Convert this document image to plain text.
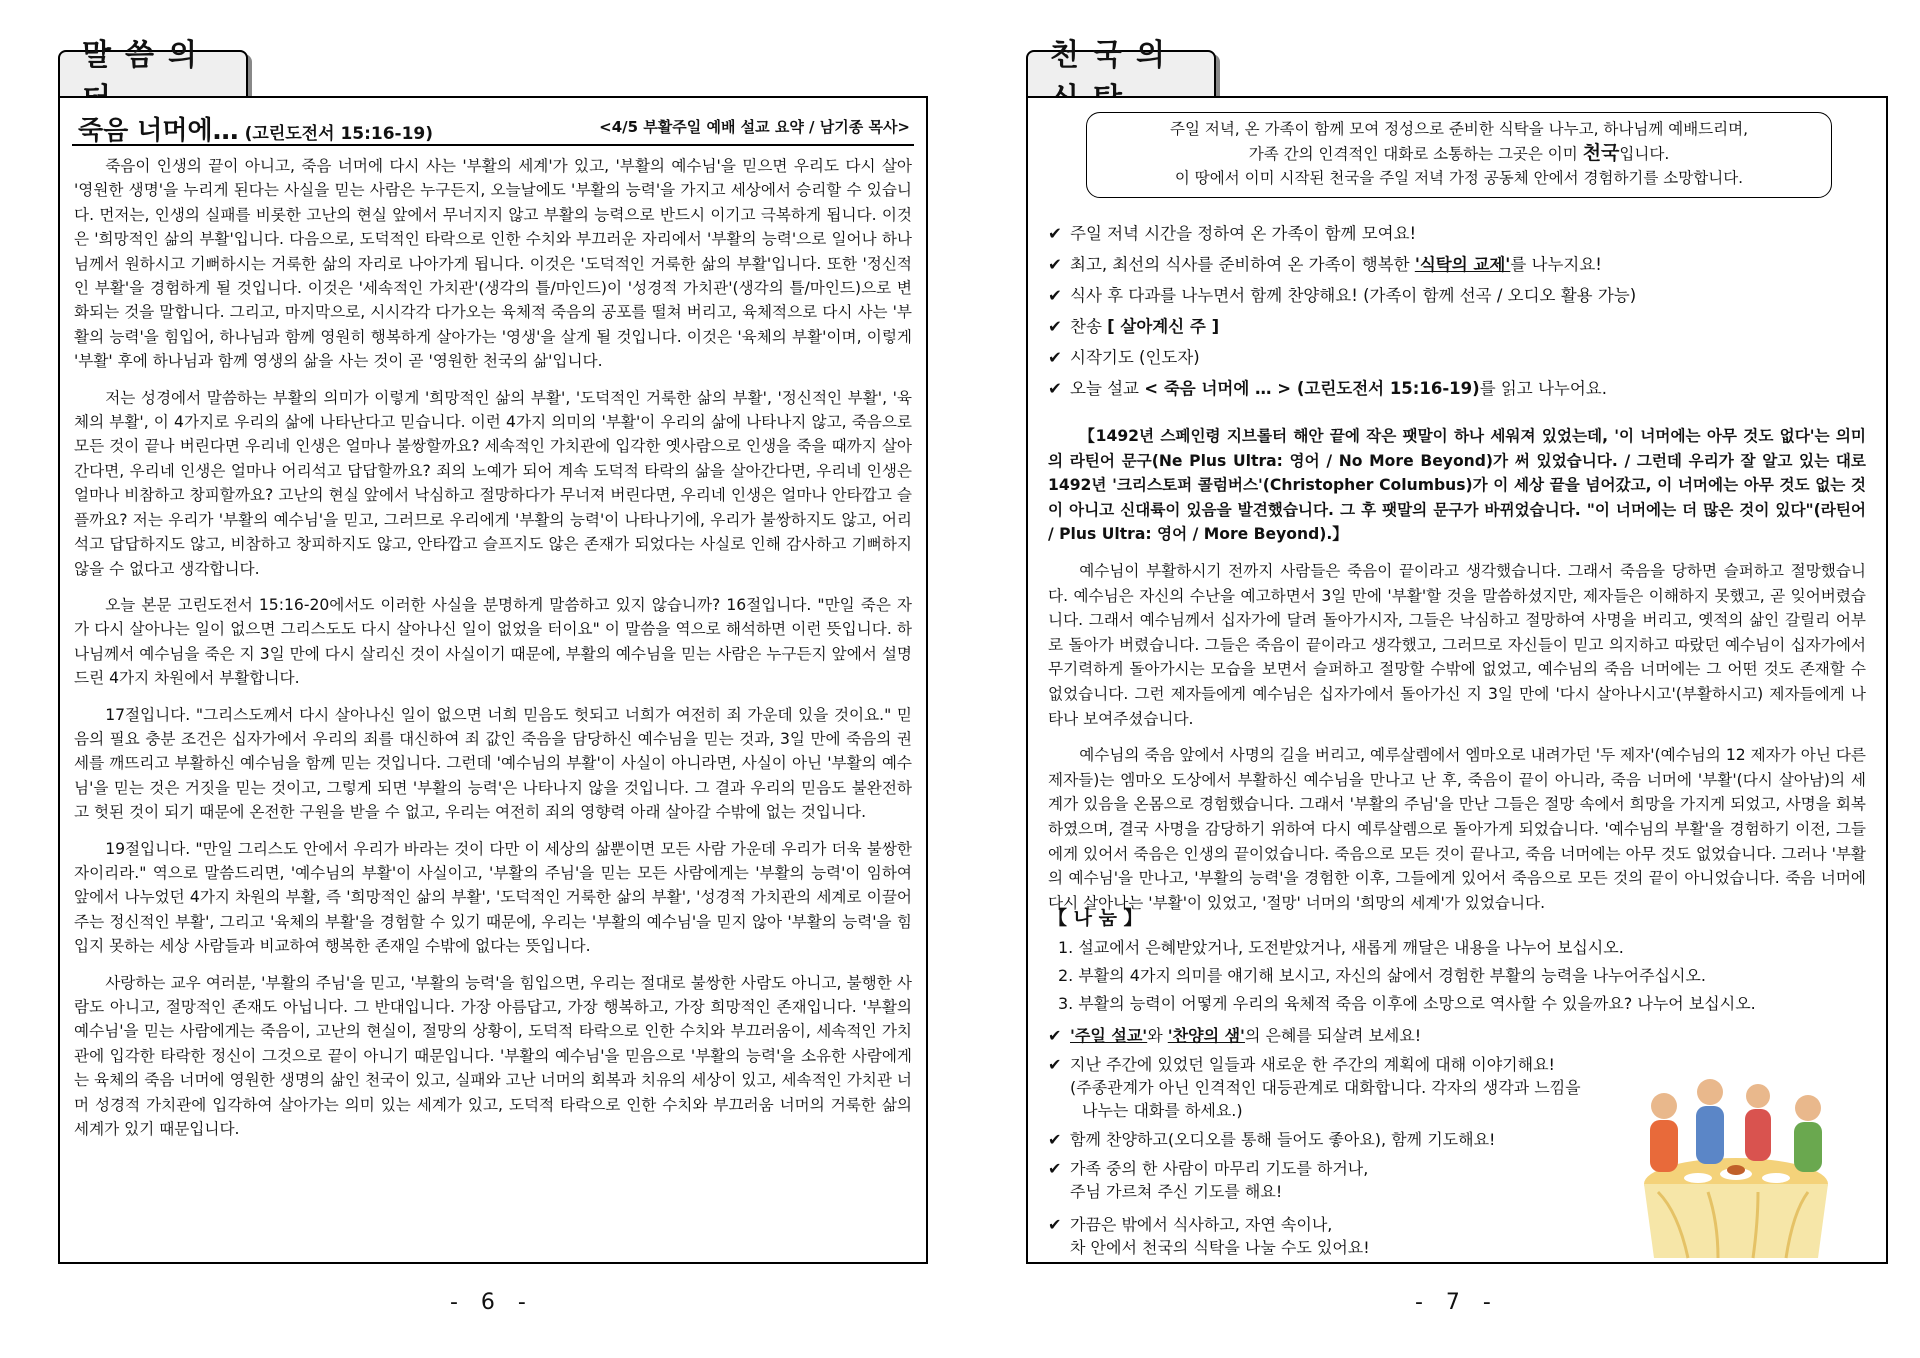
말씀의
죽음 너머에… (고린도전서 15:16-19)	<4/5 부활주일 예배 설교 요약 / 남기종 목사>

죽음이 인생의 끝이 아니고, 죽음 너머에 다시 사는 '부활의 세계'가 있고, '부활의 예수님'을 믿으면 우리도 다시 살아 '영원한 생명'을 누리게 된다는 사실을 믿는 사람은 누구든지, 오늘날에도 '부활의 능력'을 가지고 세상에서 승리할 수 있습니다. 먼저는, 인생의 실패를 비롯한 고난의 현실 앞에서 무너지지 않고 부활의 능력으로 반드시 이기고 극복하게 됩니다. 이것은 '희망적인 삶의 부활'입니다. 다음으로, 도덕적인 타락으로 인한 수치와 부끄러운 자리에서 '부활의 능력'으로 일어나 하나님께서 원하시고 기뻐하시는 거룩한 삶의 자리로 나아가게 됩니다. 이것은 '도덕적인 거룩한 삶의 부활'입니다. 또한 '정신적인 부활'을 경험하게 될 것입니다. 이것은 '세속적인 가치관'(생각의 틀/마인드)이 '성경적 가치관'(생각의 틀/마인드)으로 변화되는 것을 말합니다. 그리고, 마지막으로, 시시각각 다가오는 육체적 죽음의 공포를 떨쳐 버리고, 육체적으로 다시 사는 '부활의 능력'을 힘입어, 하나님과 함께 영원히 행복하게 살아가는 '영생'을 살게 될 것입니다. 이것은 '육체의 부활'이며, 이렇게 '부활' 후에 하나님과 함께 영생의 삶을 사는 것이 곧 '영원한 천국의 삶'입니다.

저는 성경에서 말씀하는 부활의 의미가 이렇게 '희망적인 삶의 부활', '도덕적인 거룩한 삶의 부활', '정신적인 부활', '육체의 부활', 이 4가지로 우리의 삶에 나타난다고 믿습니다. 이런 4가지 의미의 '부활'이 우리의 삶에 나타나지 않고, 죽음으로 모든 것이 끝나 버린다면 우리네 인생은 얼마나 불쌍할까요? 세속적인 가치관에 입각한 옛사람으로 인생을 죽을 때까지 살아간다면, 우리네 인생은 얼마나 어리석고 답답할까요? 죄의 노예가 되어 계속 도덕적 타락의 삶을 살아간다면, 우리네 인생은 얼마나 비참하고 창피할까요? 고난의 현실 앞에서 낙심하고 절망하다가 무너져 버린다면, 우리네 인생은 얼마나 안타깝고 슬플까요? 저는 우리가 '부활의 예수님'을 믿고, 그러므로 우리에게 '부활의 능력'이 나타나기에, 우리가 불쌍하지도 않고, 어리석고 답답하지도 않고, 비참하고 창피하지도 않고, 안타깝고 슬프지도 않은 존재가 되었다는 사실로 인해 감사하고 기뻐하지 않을 수 없다고 생각합니다.

오늘 본문 고린도전서 15:16-20에서도 이러한 사실을 분명하게 말씀하고 있지 않습니까? 16절입니다. "만일 죽은 자가 다시 살아나는 일이 없으면 그리스도도 다시 살아나신 일이 없었을 터이요" 이 말씀을 역으로 해석하면 이런 뜻입니다. 하나님께서 예수님을 죽은 지 3일 만에 다시 살리신 것이 사실이기 때문에, 부활의 예수님을 믿는 사람은 누구든지 앞에서 설명 드린 4가지 차원에서 부활합니다.

17절입니다. "그리스도께서 다시 살아나신 일이 없으면 너희 믿음도 헛되고 너희가 여전히 죄 가운데 있을 것이요." 믿음의 필요 충분 조건은 십자가에서 우리의 죄를 대신하여 죄 값인 죽음을 담당하신 예수님을 믿는 것과, 3일 만에 죽음의 권세를 깨뜨리고 부활하신 예수님을 함께 믿는 것입니다. 그런데 '예수님의 부활'이 사실이 아니라면, 사실이 아닌 '부활의 예수님'을 믿는 것은 거짓을 믿는 것이고, 그렇게 되면 '부활의 능력'은 나타나지 않을 것입니다. 그 결과 우리의 믿음도 불완전하고 헛된 것이 되기 때문에 온전한 구원을 받을 수 없고, 우리는 여전히 죄의 영향력 아래 살아갈 수밖에 없는 것입니다.

19절입니다. "만일 그리스도 안에서 우리가 바라는 것이 다만 이 세상의 삶뿐이면 모든 사람 가운데 우리가 더욱 불쌍한 자이리라." 역으로 말씀드리면, '예수님의 부활'이 사실이고, '부활의 주님'을 믿는 모든 사람에게는 '부활의 능력'이 임하여 앞에서 나누었던 4가지 차원의 부활, 즉 '희망적인 삶의 부활', '도덕적인 거룩한 삶의 부활', '성경적 가치관의 세계로 이끌어 주는 정신적인 부활', 그리고 '육체의 부활'을 경험할 수 있기 때문에, 우리는 '부활의 예수님'을 믿지 않아 '부활의 능력'을 힘입지 못하는 세상 사람들과 비교하여 행복한 존재일 수밖에 없다는 뜻입니다.

사랑하는 교우 여러분, '부활의 주님'을 믿고, '부활의 능력'을 힘입으면, 우리는 절대로 불쌍한 사람도 아니고, 불행한 사람도 아니고, 절망적인 존재도 아닙니다. 그 반대입니다. 가장 아름답고, 가장 행복하고, 가장 희망적인 존재입니다. '부활의 예수님'을 믿는 사람에게는 죽음이, 고난의 현실이, 절망의 상황이, 도덕적 타락으로 인한 수치와 부끄러움이, 세속적인 가치관에 입각한 타락한 정신이 그것으로 끝이 아니기 때문입니다. '부활의 예수님'을 믿음으로 '부활의 능력'을 소유한 사람에게는 육체의 죽음 너머에 영원한 생명의 삶인 천국이 있고, 실패와 고난 너머의 회복과 치유의 세상이 있고, 세속적인 가치관 너머 성경적 가치관에 입각하여 살아가는 의미 있는 세계가 있고, 도덕적 타락으로 인한 수치와 부끄러움 너머의 거룩한 삶의 세계가 있기 때문입니다.

- 6 -
천국의
주일 저녁, 온 가족이 함께 모여 정성으로 준비한 식탁을 나누고, 하나님께 예배드리며,
가족 간의 인격적인 대화로 소통하는 그곳은 이미 천국입니다.
이 땅에서 이미 시작된 천국을 주일 저녁 가정 공동체 안에서 경험하기를 소망합니다.
✔ 주일 저녁 시간을 정하여 온 가족이 함께 모여요!
✔ 최고, 최선의 식사를 준비하여 온 가족이 행복한 '식탁의 교제'를 나누지요!
✔ 식사 후 다과를 나누면서 함께 찬양해요! (가족이 함께 선곡 / 오디오 활용 가능)
✔ 찬송 [ 살아계신 주 ]
✔ 시작기도 (인도자)
✔ 오늘 설교 < 죽음 너머에 … > (고린도전서 15:16-19)를 읽고 나누어요.

【1492년 스페인령 지브롤터 해안 끝에 작은 팻말이 하나 세워져 있었는데, '이 너머에는 아무 것도 없다'는 의미의 라틴어 문구(Ne Plus Ultra: 영어 / No More Beyond)가 써 있었습니다. / 그런데 우리가 잘 알고 있는 대로 1492년 '크리스토퍼 콜럼버스'(Christopher Columbus)가 이 세상 끝을 넘어갔고, 이 너머에는 아무 것도 없는 것이 아니고 신대륙이 있음을 발견했습니다. 그 후 팻말의 문구가 바뀌었습니다. "이 너머에는 더 많은 것이 있다"(라틴어 / Plus Ultra: 영어 / More Beyond).】

예수님이 부활하시기 전까지 사람들은 죽음이 끝이라고 생각했습니다. 그래서 죽음을 당하면 슬퍼하고 절망했습니다. 예수님은 자신의 수난을 예고하면서 3일 만에 '부활'할 것을 말씀하셨지만, 제자들은 이해하지 못했고, 곧 잊어버렸습니다. 그래서 예수님께서 십자가에 달려 돌아가시자, 그들은 낙심하고 절망하여 사명을 버리고, 옛적의 삶인 갈릴리 어부로 돌아가 버렸습니다. 그들은 죽음이 끝이라고 생각했고, 그러므로 자신들이 믿고 의지하고 따랐던 예수님이 십자가에서 무기력하게 돌아가시는 모습을 보면서 슬퍼하고 절망할 수밖에 없었고, 예수님의 죽음 너머에는 그 어떤 것도 존재할 수 없었습니다. 그런 제자들에게 예수님은 십자가에서 돌아가신 지 3일 만에 '다시 살아나시고'(부활하시고) 제자들에게 나타나 보여주셨습니다.

예수님의 죽음 앞에서 사명의 길을 버리고, 예루살렘에서 엠마오로 내려가던 '두 제자'(예수님의 12 제자가 아닌 다른 제자들)는 엠마오 도상에서 부활하신 예수님을 만나고 난 후, 죽음이 끝이 아니라, 죽음 너머에 '부활'(다시 살아남)의 세계가 있음을 온몸으로 경험했습니다. 그래서 '부활의 주님'을 만난 그들은 절망 속에서 희망을 가지게 되었고, 사명을 회복하였으며, 결국 사명을 감당하기 위하여 다시 예루살렘으로 돌아가게 되었습니다. '예수님의 부활'을 경험하기 이전, 그들에게 있어서 죽음은 인생의 끝이었습니다. 죽음으로 모든 것이 끝나고, 죽음 너머에는 아무 것도 없었습니다. 그러나 '부활의 예수님'을 만나고, '부활의 능력'을 경험한 이후, 그들에게 있어서 죽음으로 모든 것의 끝이 아니었습니다. 죽음 너머에 다시 살아나는 '부활'이 있었고, '절망' 너머의 '희망의 세계'가 있었습니다.

【 나 눔 】
1. 설교에서 은혜받았거나, 도전받았거나, 새롭게 깨달은 내용을 나누어 보십시오.
2. 부활의 4가지 의미를 얘기해 보시고, 자신의 삶에서 경험한 부활의 능력을 나누어주십시오.
3. 부활의 능력이 어떻게 우리의 육체적 죽음 이후에 소망으로 역사할 수 있을까요? 나누어 보십시오.
✔ '주일 설교'와 '찬양의 샘'의 은혜를 되살려 보세요!
✔ 지난 주간에 있었던 일들과 새로운 한 주간의 계획에 대해 이야기해요!
(주종관계가 아닌 인격적인 대등관계로 대화합니다. 각자의 생각과 느낌을
나누는 대화를 하세요.)
✔ 함께 찬양하고(오디오를 통해 들어도 좋아요), 함께 기도해요!
✔ 가족 중의 한 사람이 마무리 기도를 하거나,
주님 가르쳐 주신 기도를 해요!
✔ 가끔은 밖에서 식사하고, 자연 속이나,
차 안에서 천국의 식탁을 나눌 수도 있어요!
- 7 -
